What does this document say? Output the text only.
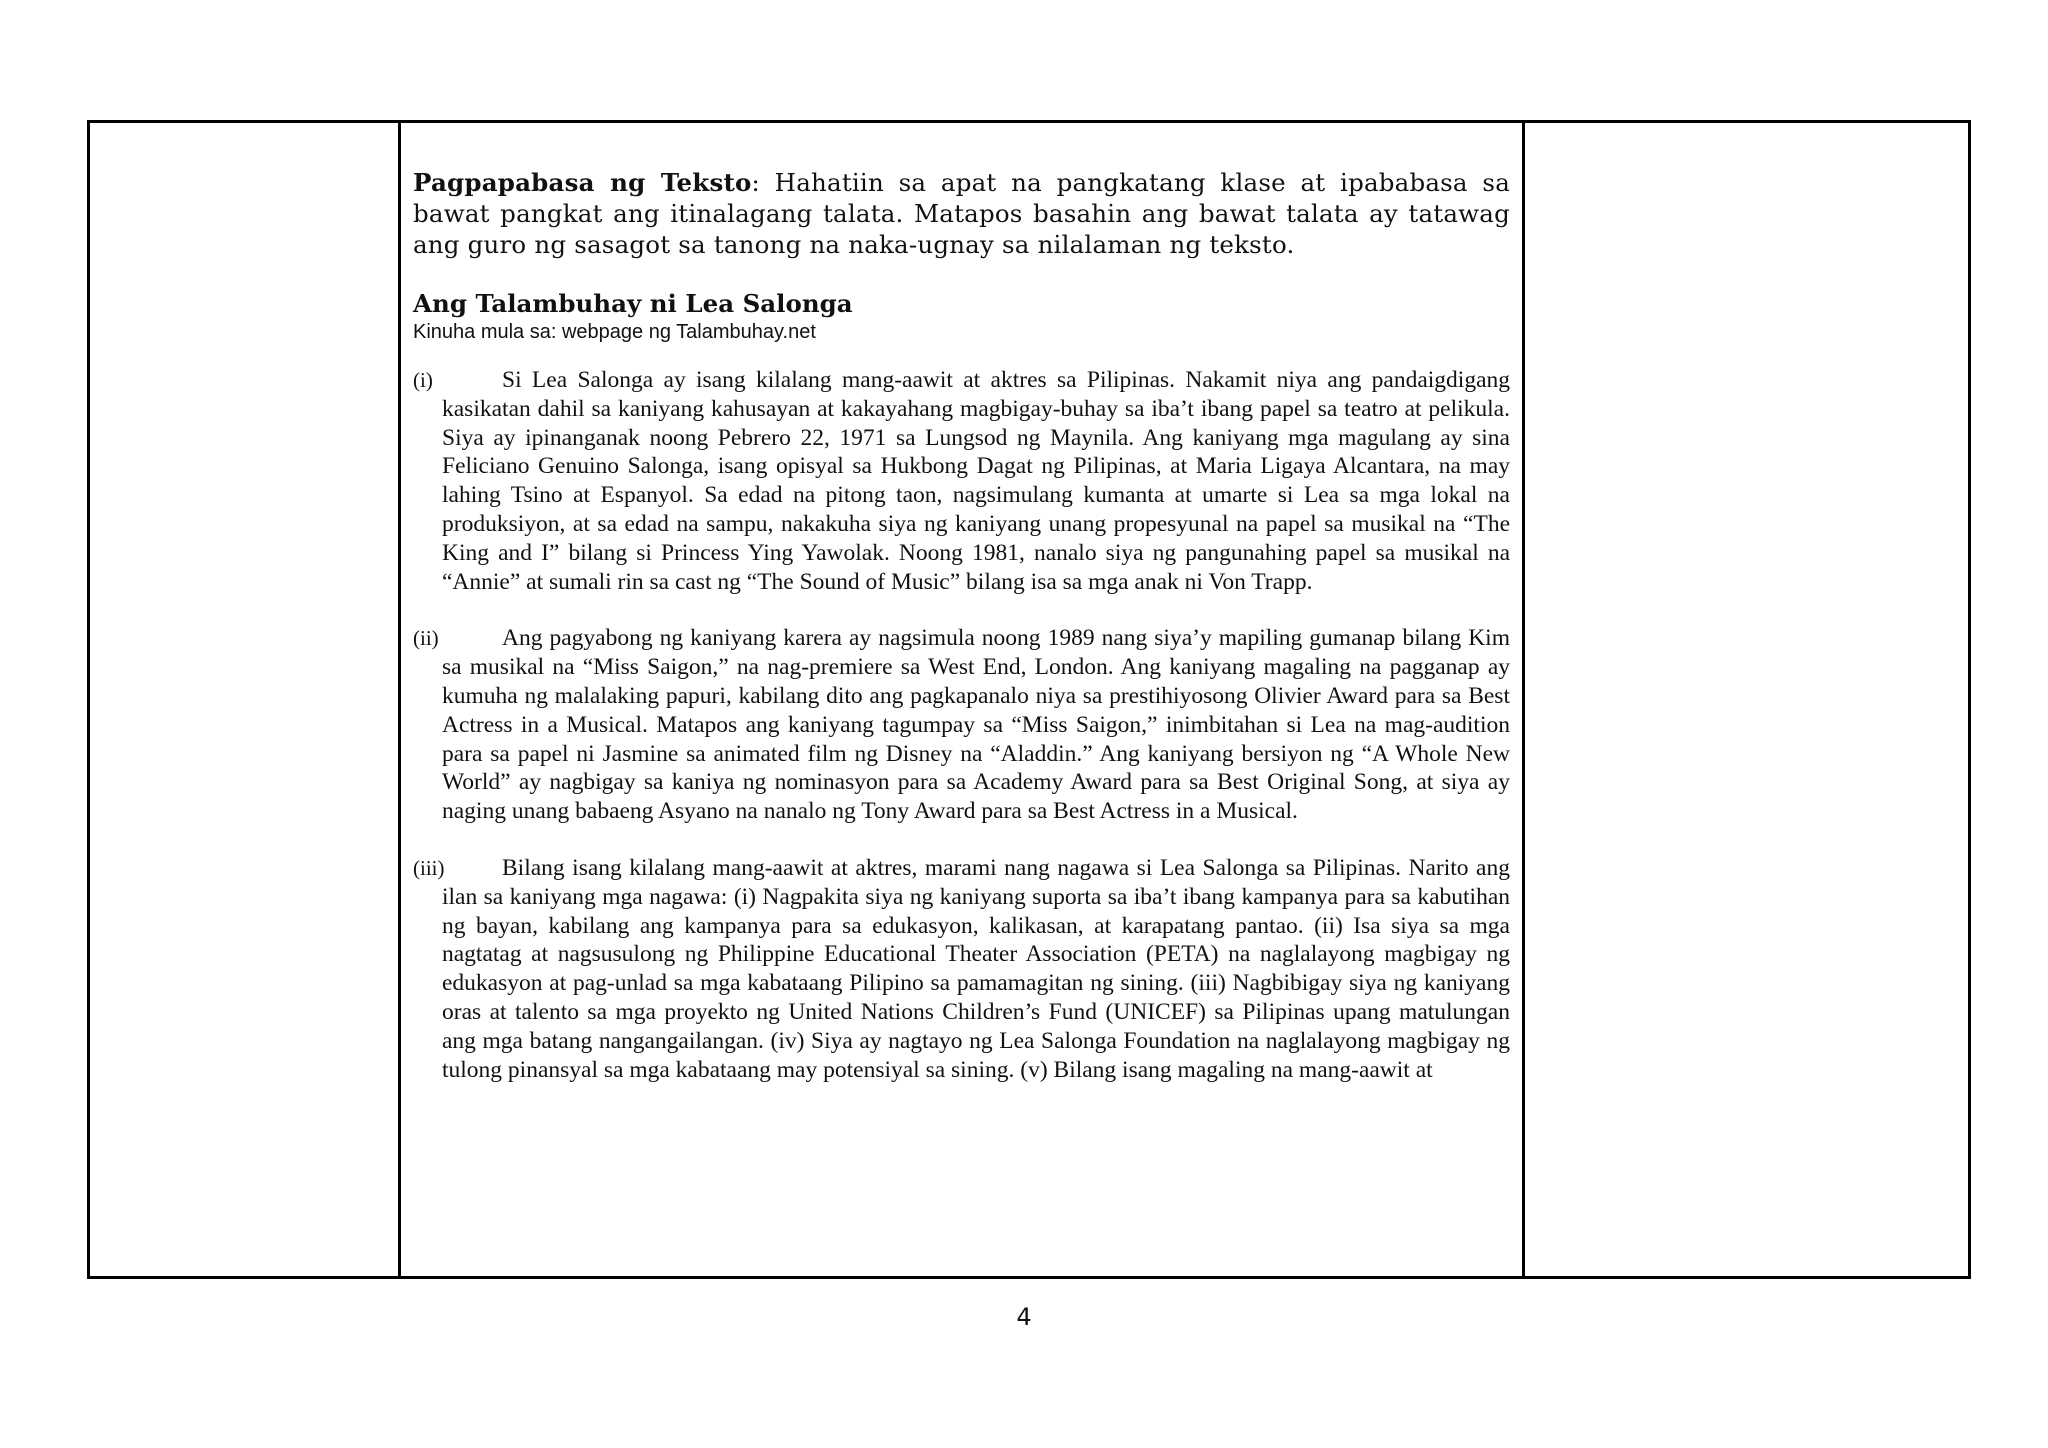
Pagpapabasa ng Teksto: Hahatiin sa apat na pangkatang klase at ipababasa sa bawat pangkat ang itinalagang talata. Matapos basahin ang bawat talata ay tatawag ang guro ng sasagot sa tanong na naka-ugnay sa nilalaman ng teksto.

Ang Talambuhay ni Lea Salonga

Kinuha mula sa: webpage ng Talambuhay.net

(i)	Si Lea Salonga ay isang kilalang mang-aawit at aktres sa Pilipinas. Nakamit niya ang pandaigdigang kasikatan dahil sa kaniyang kahusayan at kakayahang magbigay-buhay sa iba’t ibang papel sa teatro at pelikula. Siya ay ipinanganak noong Pebrero 22, 1971 sa Lungsod ng Maynila. Ang kaniyang mga magulang ay sina Feliciano Genuino Salonga, isang opisyal sa Hukbong Dagat ng Pilipinas, at Maria Ligaya Alcantara, na may lahing Tsino at Espanyol. Sa edad na pitong taon, nagsimulang kumanta at umarte si Lea sa mga lokal na produksiyon, at sa edad na sampu, nakakuha siya ng kaniyang unang propesyunal na papel sa musikal na “The King and I” bilang si Princess Ying Yawolak. Noong 1981, nanalo siya ng pangunahing papel sa musikal na “Annie” at sumali rin sa cast ng “The Sound of Music” bilang isa sa mga anak ni Von Trapp.
(ii)	Ang pagyabong ng kaniyang karera ay nagsimula noong 1989 nang siya’y mapiling gumanap bilang Kim sa musikal na “Miss Saigon,” na nag-premiere sa West End, London. Ang kaniyang magaling na pagganap ay kumuha ng malalaking papuri, kabilang dito ang pagkapanalo niya sa prestihiyosong Olivier Award para sa Best Actress in a Musical. Matapos ang kaniyang tagumpay sa “Miss Saigon,” inimbitahan si Lea na mag-audition para sa papel ni Jasmine sa animated film ng Disney na “Aladdin.” Ang kaniyang bersiyon ng “A Whole New World” ay nagbigay sa kaniya ng nominasyon para sa Academy Award para sa Best Original Song, at siya ay naging unang babaeng Asyano na nanalo ng Tony Award para sa Best Actress in a Musical.
(iii) Bilang isang kilalang mang-aawit at aktres, marami nang nagawa si Lea Salonga sa Pilipinas. Narito ang ilan sa kaniyang mga nagawa: (i) Nagpakita siya ng kaniyang suporta sa iba’t ibang kampanya para sa kabutihan ng bayan, kabilang ang kampanya para sa edukasyon, kalikasan, at karapatang pantao. (ii) Isa siya sa mga nagtatag at nagsusulong ng Philippine Educational Theater Association (PETA) na naglalayong magbigay ng edukasyon at pag-unlad sa mga kabataang Pilipino sa pamamagitan ng sining. (iii) Nagbibigay siya ng kaniyang oras at talento sa mga proyekto ng United Nations Children’s Fund (UNICEF) sa Pilipinas upang matulungan ang mga batang nangangailangan. (iv) Siya ay nagtayo ng Lea Salonga Foundation na naglalayong magbigay ng tulong pinansyal sa mga kabataang may potensiyal sa sining. (v) Bilang isang magaling na mang-aawit at
4
